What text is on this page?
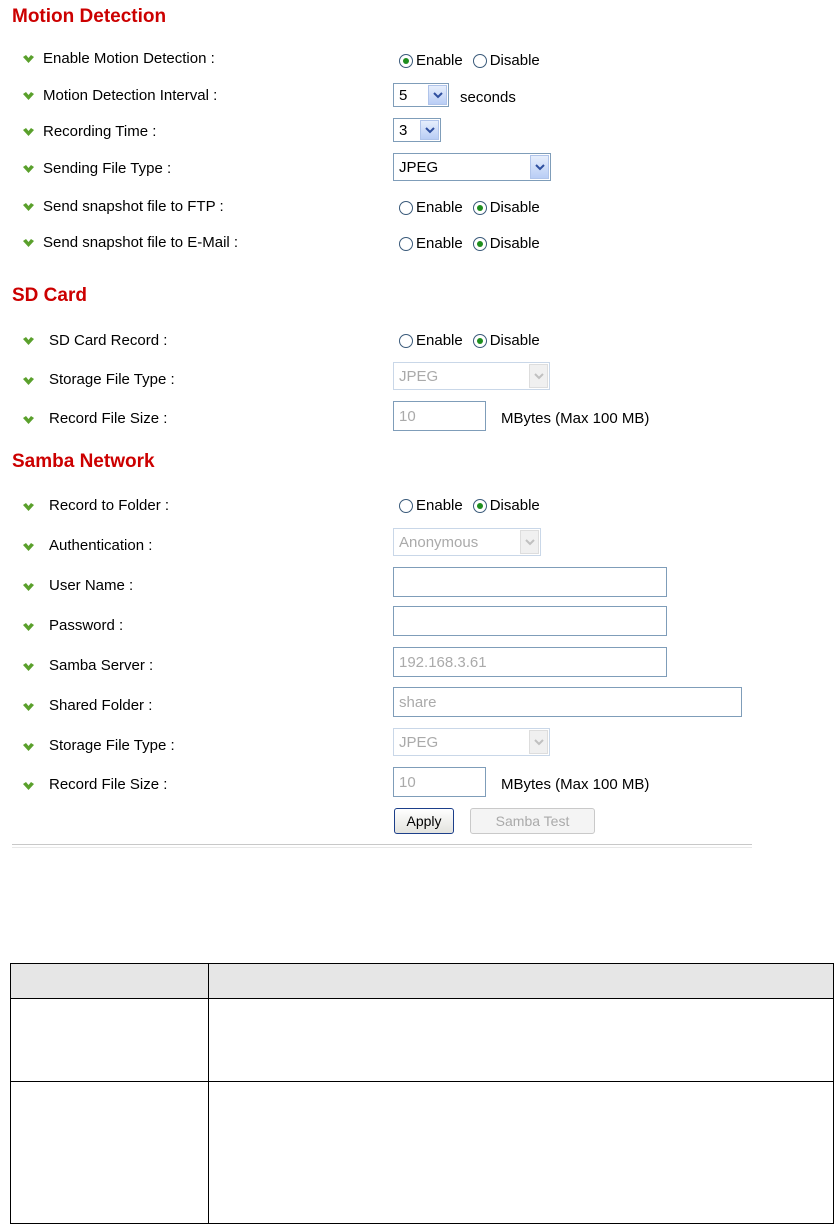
Motion Detection
Enable Motion Detection :	Enable Disable
Motion Detection Interval :	5	seconds
Recording Time :	3
Sending File Type :	JPEG
Send snapshot file to FTP :	Enable Disable
Send snapshot file to E-Mail :	Enable Disable
SD Card
SD Card Record :	Enable Disable
Storage File Type :	JPEG
Record File Size :	10	MBytes (Max 100 MB)
Samba Network
Record to Folder :	Enable Disable
Authentication :	Anonymous
User Name :
Password :
Samba Server :	192.168.3.61
Shared Folder :	share
Storage File Type :	JPEG
Record File Size :	10	MBytes (Max 100 MB)
Apply	Samba Test
